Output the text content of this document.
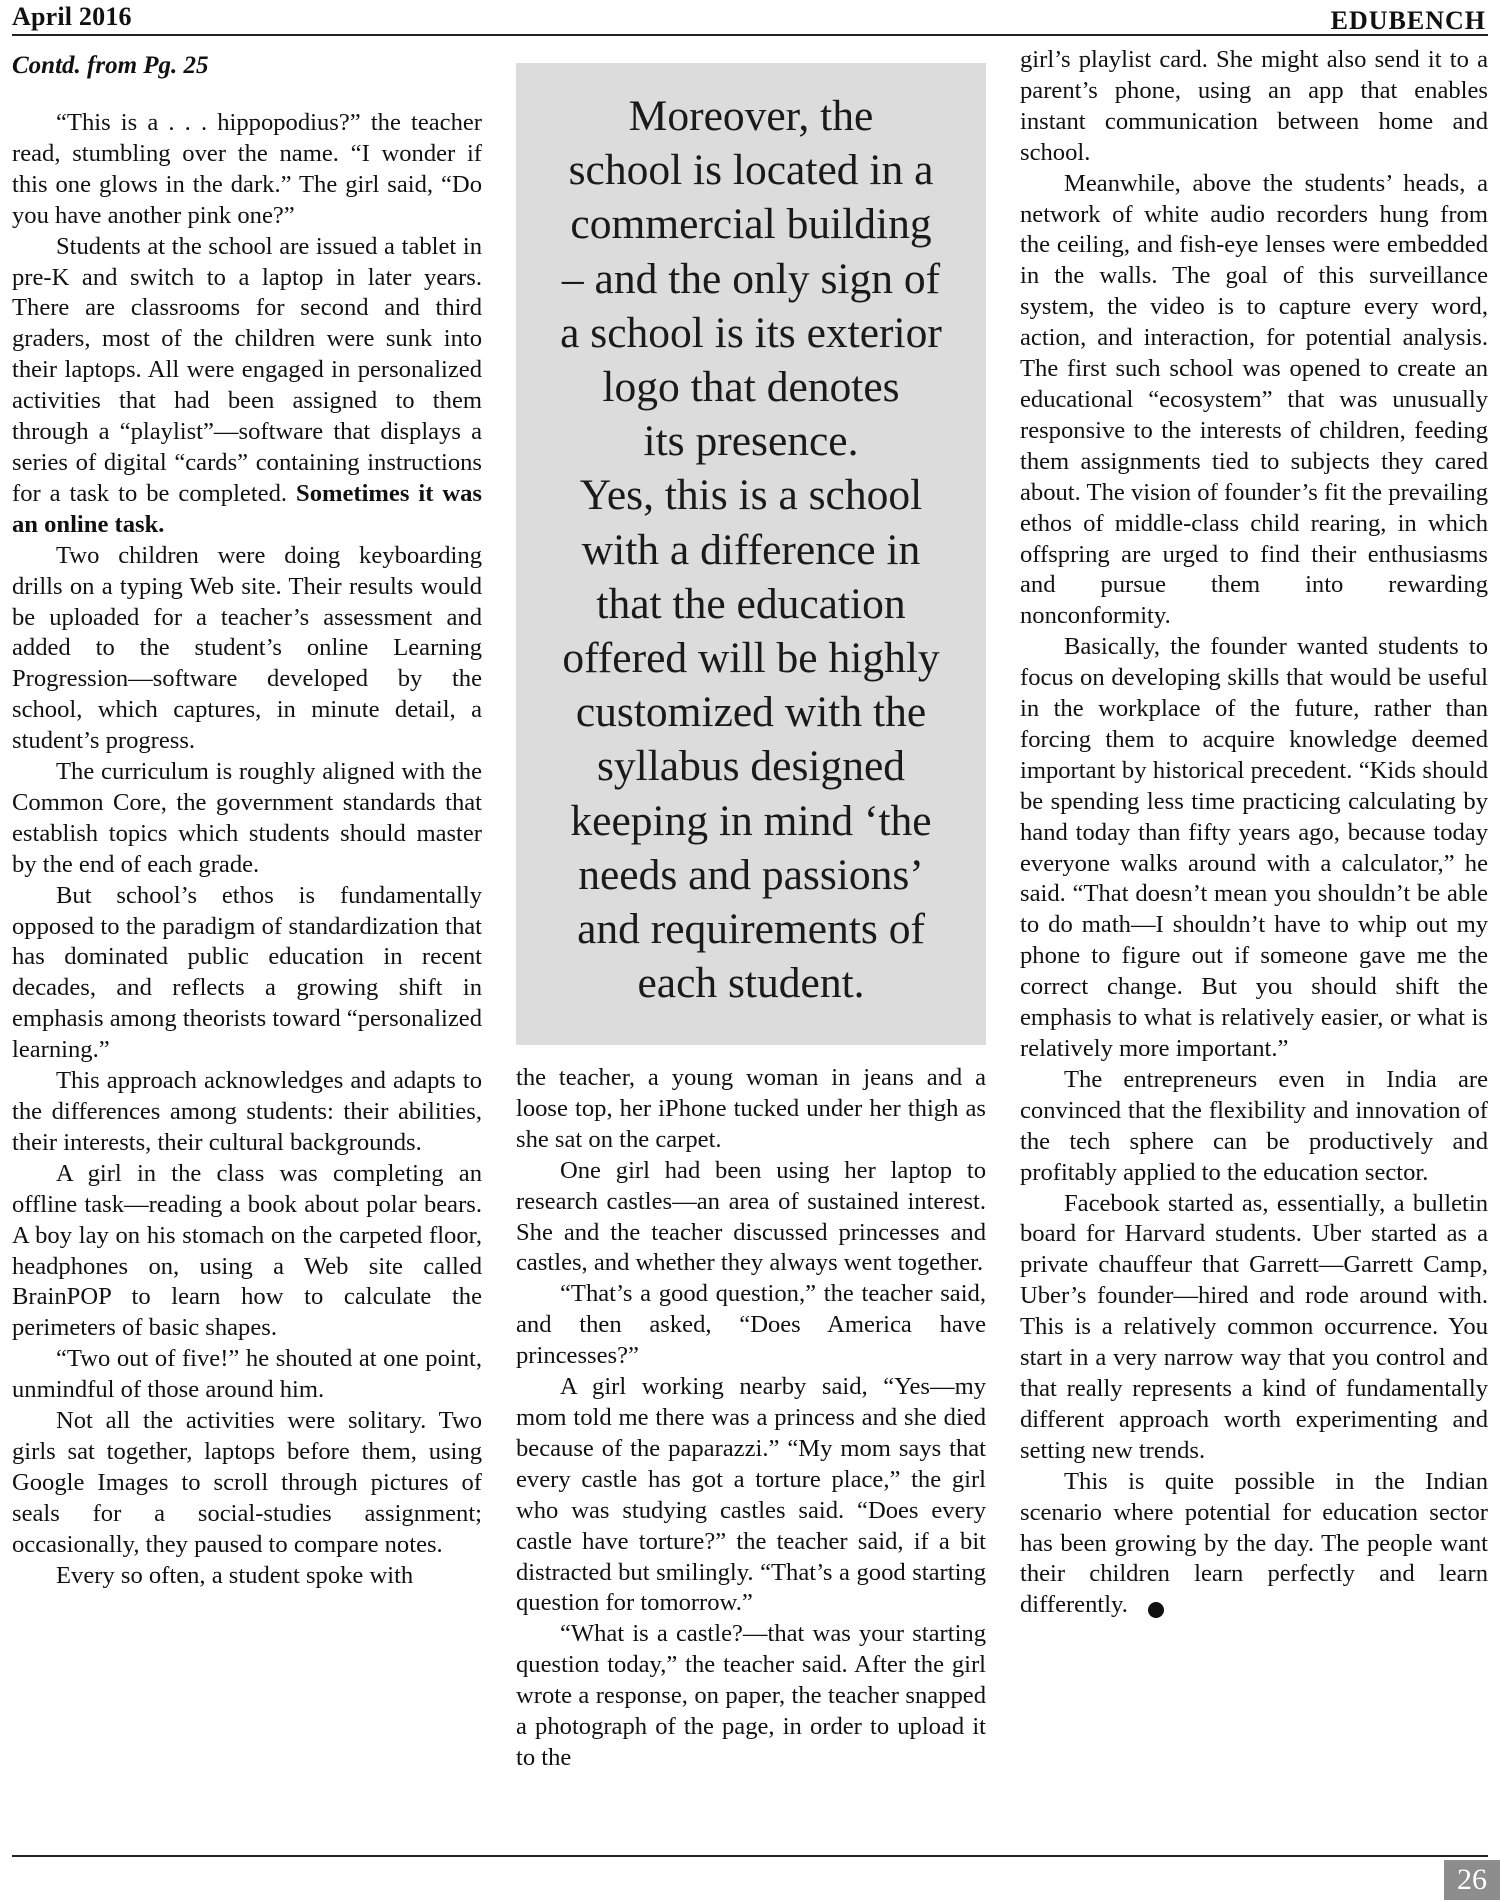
April 2016	EDUBENCH
Contd. from Pg. 25

“This is a . . . hippopodius?” the teacher read, stumbling over the name. “I wonder if this one glows in the dark.” The girl said, “Do you have another pink one?”

Students at the school are issued a tablet in pre-K and switch to a laptop in later years. There are classrooms for second and third graders, most of the children were sunk into their laptops. All were engaged in personalized activities that had been assigned to them through a “playlist”—software that displays a series of digital “cards” containing instructions for a task to be completed. Sometimes it was an online task.

Two children were doing keyboarding drills on a typing Web site. Their results would be uploaded for a teacher’s assessment and added to the student’s online Learning Progression—software developed by the school, which captures, in minute detail, a student’s progress.

The curriculum is roughly aligned with the Common Core, the government standards that establish topics which students should master by the end of each grade.

But school’s ethos is fundamentally opposed to the paradigm of standardization that has dominated public education in recent decades, and reflects a growing shift in emphasis among theorists toward “personalized learning.”

This approach acknowledges and adapts to the differences among students: their abilities, their interests, their cultural backgrounds.

A girl in the class was completing an offline task—reading a book about polar bears. A boy lay on his stomach on the carpeted floor, headphones on, using a Web site called BrainPOP to learn how to calculate the perimeters of basic shapes.

“Two out of five!” he shouted at one point, unmindful of those around him.

Not all the activities were solitary. Two girls sat together, laptops before them, using Google Images to scroll through pictures of seals for a social-studies assignment; occasionally, they paused to compare notes.

Every so often, a student spoke with

Moreover, the
school is located in a
commercial building
– and the only sign of
a school is its exterior
logo that denotes
its presence.
Yes, this is a school
with a difference in
that the education
offered will be highly
customized with the
syllabus designed
keeping in mind ‘the
needs and passions’
and requirements of
each student.

the teacher, a young woman in jeans and a loose top, her iPhone tucked under her thigh as she sat on the carpet.

One girl had been using her laptop to research castles—an area of sustained interest. She and the teacher discussed princesses and castles, and whether they always went together.

“That’s a good question,” the teacher said, and then asked, “Does America have princesses?”

A girl working nearby said, “Yes—my mom told me there was a princess and she died because of the paparazzi.” “My mom says that every castle has got a torture place,” the girl who was studying castles said. “Does every castle have torture?” the teacher said, if a bit distracted but smilingly. “That’s a good starting question for tomorrow.”

“What is a castle?—that was your starting question today,” the teacher said. After the girl wrote a response, on paper, the teacher snapped a photograph of the page, in order to upload it to the

girl’s playlist card. She might also send it to a parent’s phone, using an app that enables instant communication between home and school.

Meanwhile, above the students’ heads, a network of white audio recorders hung from the ceiling, and fish-eye lenses were embedded in the walls. The goal of this surveillance system, the video is to capture every word, action, and interaction, for potential analysis. The first such school was opened to create an educational “ecosystem” that was unusually responsive to the interests of children, feeding them assignments tied to subjects they cared about. The vision of founder’s fit the prevailing ethos of middle-class child rearing, in which offspring are urged to find their enthusiasms and pursue them into rewarding nonconformity.

Basically, the founder wanted students to focus on developing skills that would be useful in the workplace of the future, rather than forcing them to acquire knowledge deemed important by historical precedent. “Kids should be spending less time practicing calculating by hand today than fifty years ago, because today everyone walks around with a calculator,” he said. “That doesn’t mean you shouldn’t be able to do math—I shouldn’t have to whip out my phone to figure out if someone gave me the correct change. But you should shift the emphasis to what is relatively easier, or what is relatively more important.”

The entrepreneurs even in India are convinced that the flexibility and innovation of the tech sphere can be productively and profitably applied to the education sector.

Facebook started as, essentially, a bulletin board for Harvard students. Uber started as a private chauffeur that Garrett—Garrett Camp, Uber’s founder—hired and rode around with. This is a relatively common occurrence. You start in a very narrow way that you control and that really represents a kind of fundamentally different approach worth experimenting and setting new trends.

This is quite possible in the Indian scenario where potential for education sector has been growing by the day. The people want their children learn perfectly and learn differently.

26
